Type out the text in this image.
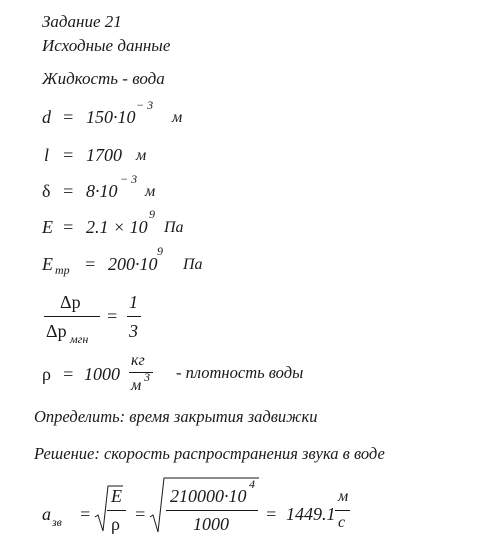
Задание 21
Исходные данные
Жидкость - вода
d = 150·10
− 3
м
l = 1700 м
δ = 8·10
− 3
м
E = 2.1 × 10
9
Па
E тр = 200·10
9
Па
Δp
Δp мгн
=
1
3
ρ = 1000
кг
м 3 - плотность воды
Определить: время закрытия задвижки
Решение: скорость распространения звука в воде
a зв =
E
ρ =
210000·10
4
1000 = 1449.1
м
с
